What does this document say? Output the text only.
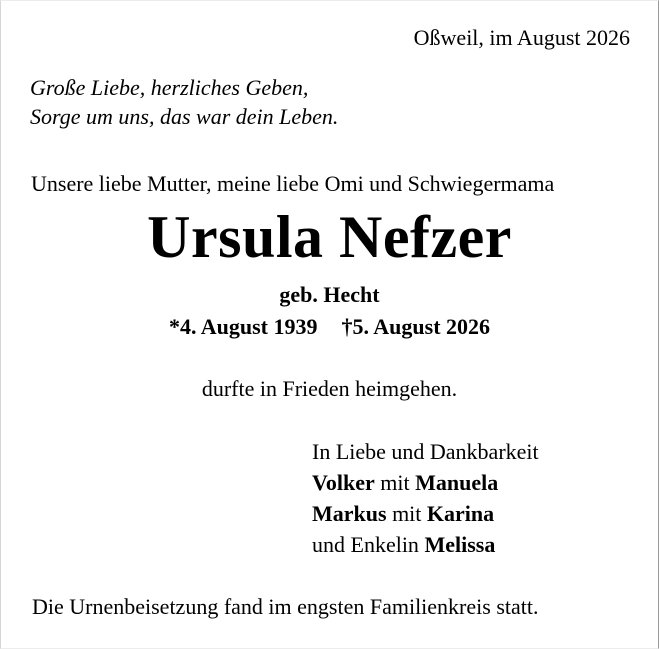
Oßweil, im August 2026
Große Liebe, herzliches Geben,
Sorge um uns, das war dein Leben.
Unsere liebe Mutter, meine liebe Omi und Schwiegermama
Ursula Nefzer
geb. Hecht
*4. August 1939 †5. August 2026
durfte in Frieden heimgehen.
In Liebe und Dankbarkeit
Volker mit Manuela
Markus mit Karina
und Enkelin Melissa
Die Urnenbeisetzung fand im engsten Familienkreis statt.
